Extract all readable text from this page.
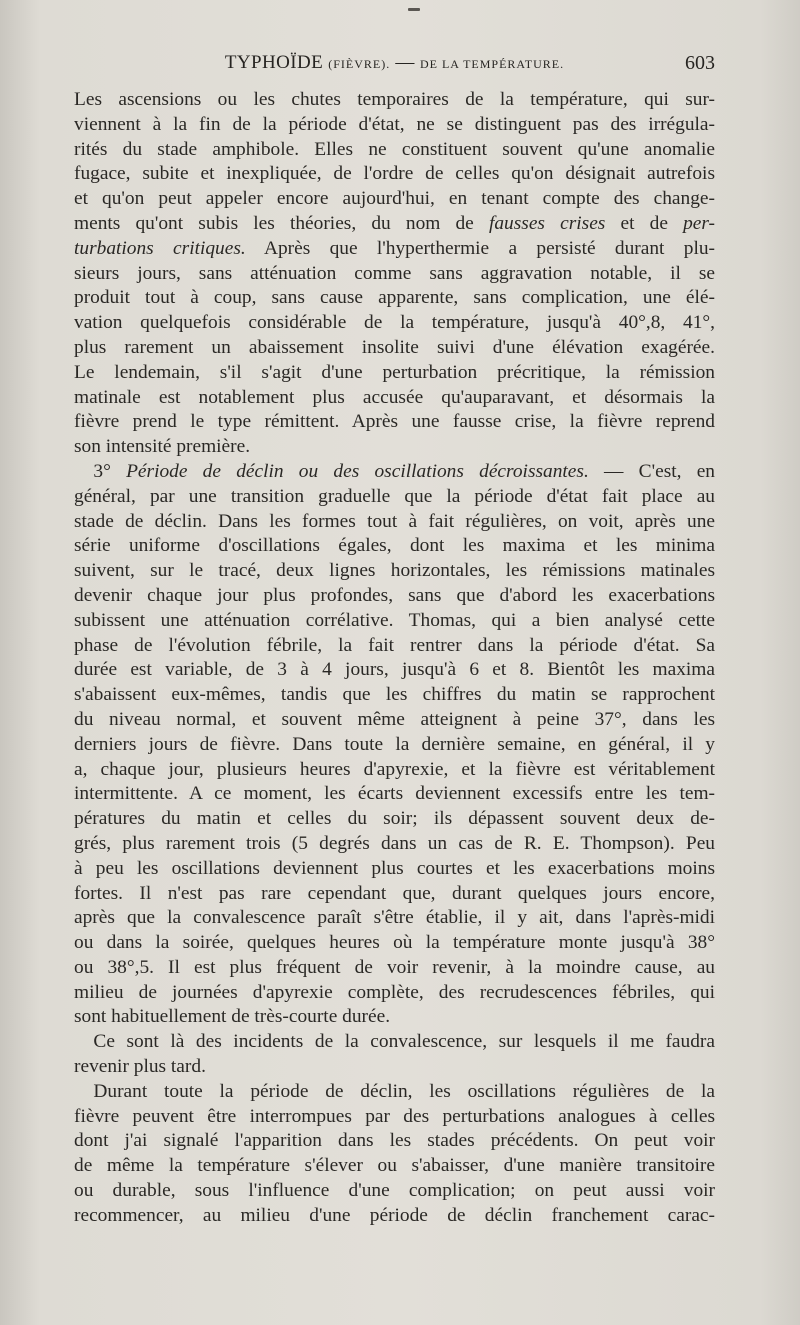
TYPHOÏDE (FIÈVRE). — DE LA TEMPÉRATURE.	603
Les ascensions ou les chutes temporaires de la température, qui sur-
viennent à la fin de la période d'état, ne se distinguent pas des irrégula-
rités du stade amphibole. Elles ne constituent souvent qu'une anomalie
fugace, subite et inexpliquée, de l'ordre de celles qu'on désignait autrefois
et qu'on peut appeler encore aujourd'hui, en tenant compte des change-
ments qu'ont subis les théories, du nom de fausses crises et de per-
turbations critiques. Après que l'hyperthermie a persisté durant plu-
sieurs jours, sans atténuation comme sans aggravation notable, il se
produit tout à coup, sans cause apparente, sans complication, une élé-
vation quelquefois considérable de la température, jusqu'à 40°,8, 41°,
plus rarement un abaissement insolite suivi d'une élévation exagérée.
Le lendemain, s'il s'agit d'une perturbation précritique, la rémission
matinale est notablement plus accusée qu'auparavant, et désormais la
fièvre prend le type rémittent. Après une fausse crise, la fièvre reprend
son intensité première.
 3° Période de déclin ou des oscillations décroissantes. — C'est, en
général, par une transition graduelle que la période d'état fait place au
stade de déclin. Dans les formes tout à fait régulières, on voit, après une
série uniforme d'oscillations égales, dont les maxima et les minima
suivent, sur le tracé, deux lignes horizontales, les rémissions matinales
devenir chaque jour plus profondes, sans que d'abord les exacerbations
subissent une atténuation corrélative. Thomas, qui a bien analysé cette
phase de l'évolution fébrile, la fait rentrer dans la période d'état. Sa
durée est variable, de 3 à 4 jours, jusqu'à 6 et 8. Bientôt les maxima
s'abaissent eux-mêmes, tandis que les chiffres du matin se rapprochent
du niveau normal, et souvent même atteignent à peine 37°, dans les
derniers jours de fièvre. Dans toute la dernière semaine, en général, il y
a, chaque jour, plusieurs heures d'apyrexie, et la fièvre est véritablement
intermittente. A ce moment, les écarts deviennent excessifs entre les tem-
pératures du matin et celles du soir; ils dépassent souvent deux de-
grés, plus rarement trois (5 degrés dans un cas de R. E. Thompson). Peu
à peu les oscillations deviennent plus courtes et les exacerbations moins
fortes. Il n'est pas rare cependant que, durant quelques jours encore,
après que la convalescence paraît s'être établie, il y ait, dans l'après-midi
ou dans la soirée, quelques heures où la température monte jusqu'à 38°
ou 38°,5. Il est plus fréquent de voir revenir, à la moindre cause, au
milieu de journées d'apyrexie complète, des recrudescences fébriles, qui
sont habituellement de très-courte durée.
 Ce sont là des incidents de la convalescence, sur lesquels il me faudra
revenir plus tard.
 Durant toute la période de déclin, les oscillations régulières de la
fièvre peuvent être interrompues par des perturbations analogues à celles
dont j'ai signalé l'apparition dans les stades précédents. On peut voir
de même la température s'élever ou s'abaisser, d'une manière transitoire
ou durable, sous l'influence d'une complication; on peut aussi voir
recommencer, au milieu d'une période de déclin franchement carac-
